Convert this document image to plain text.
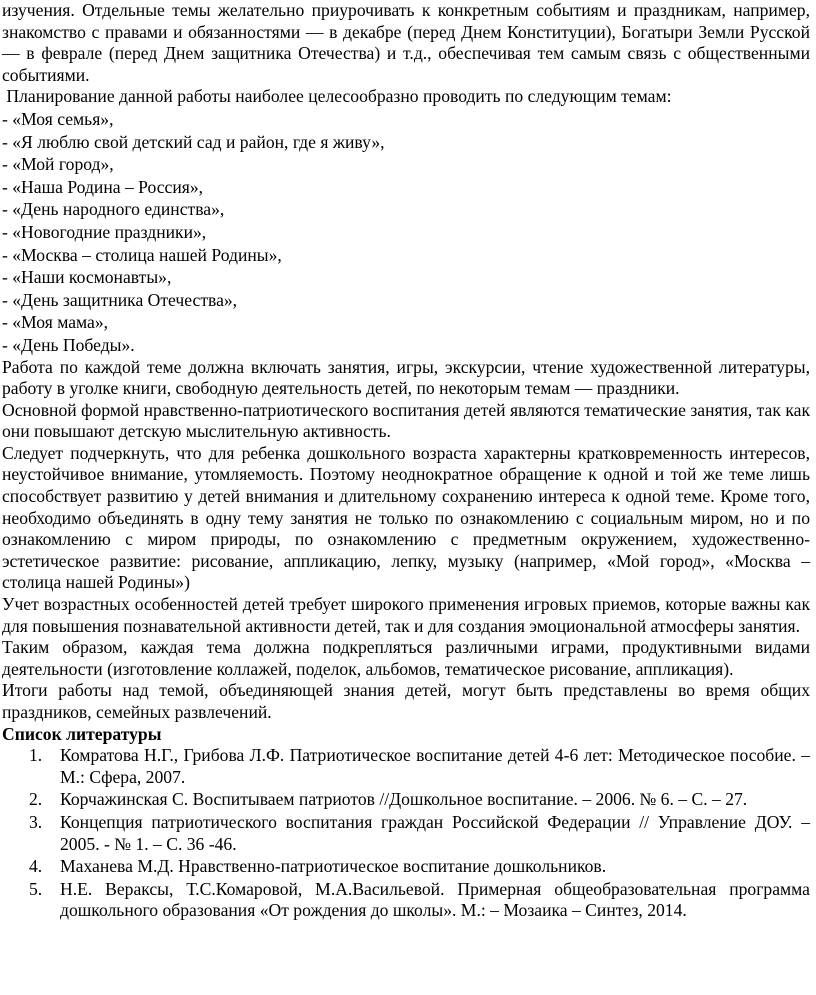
изучения. Отдельные темы желательно приурочивать к конкретным событиям и праздникам, например, знакомство с правами и обязанностями — в декабре (перед Днем Конституции), Богатыри Земли Русской — в феврале (перед Днем защитника Отечества) и т.д., обеспечивая тем самым связь с общественными событиями.

Планирование данной работы наиболее целесообразно проводить по следующим темам:

- «Моя семья»,
- «Я люблю свой детский сад и район, где я живу»,
- «Мой город»,
- «Наша Родина – Россия»,
- «День народного единства»,
- «Новогодние праздники»,
- «Москва – столица нашей Родины»,
- «Наши космонавты»,
- «День защитника Отечества»,
- «Моя мама»,
- «День Победы».

Работа по каждой теме должна включать занятия, игры, экскурсии, чтение художественной литературы, работу в уголке книги, свободную деятельность детей, по некоторым темам — праздники.

Основной формой нравственно-патриотического воспитания детей являются тематические занятия, так как они повышают детскую мыслительную активность.

Следует подчеркнуть, что для ребенка дошкольного возраста характерны кратковременность интересов, неустойчивое внимание, утомляемость. Поэтому неоднократное обращение к одной и той же теме лишь способствует развитию у детей внимания и длительному сохранению интереса к одной теме. Кроме того, необходимо объединять в одну тему занятия не только по ознакомлению с социальным миром, но и по ознакомлению с миром природы, по ознакомлению с предметным окружением, художественно-эстетическое развитие: рисование, аппликацию, лепку, музыку (например, «Мой город», «Москва – столица нашей Родины»)

Учет возрастных особенностей детей требует широкого применения игровых приемов, которые важны как для повышения познавательной активности детей, так и для создания эмоциональной атмосферы занятия.

Таким образом, каждая тема должна подкрепляться различными играми, продуктивными видами деятельности (изготовление коллажей, поделок, альбомов, тематическое рисование, аппликация).

Итоги работы над темой, объединяющей знания детей, могут быть представлены во время общих праздников, семейных развлечений.

Список литературы

1. Комратова Н.Г., Грибова Л.Ф. Патриотическое воспитание детей 4-6 лет: Методическое пособие. – М.: Сфера, 2007.
2. Корчажинская С. Воспитываем патриотов //Дошкольное воспитание. – 2006. № 6. – С. – 27.
3. Концепция патриотического воспитания граждан Российской Федерации // Управление ДОУ. – 2005. - № 1. – С. 36 -46.
4. Маханева М.Д. Нравственно-патриотическое воспитание дошкольников.
5. Н.Е. Вераксы, Т.С.Комаровой, М.А.Васильевой. Примерная общеобразовательная программа дошкольного образования «От рождения до школы». М.: – Мозаика – Синтез, 2014.
